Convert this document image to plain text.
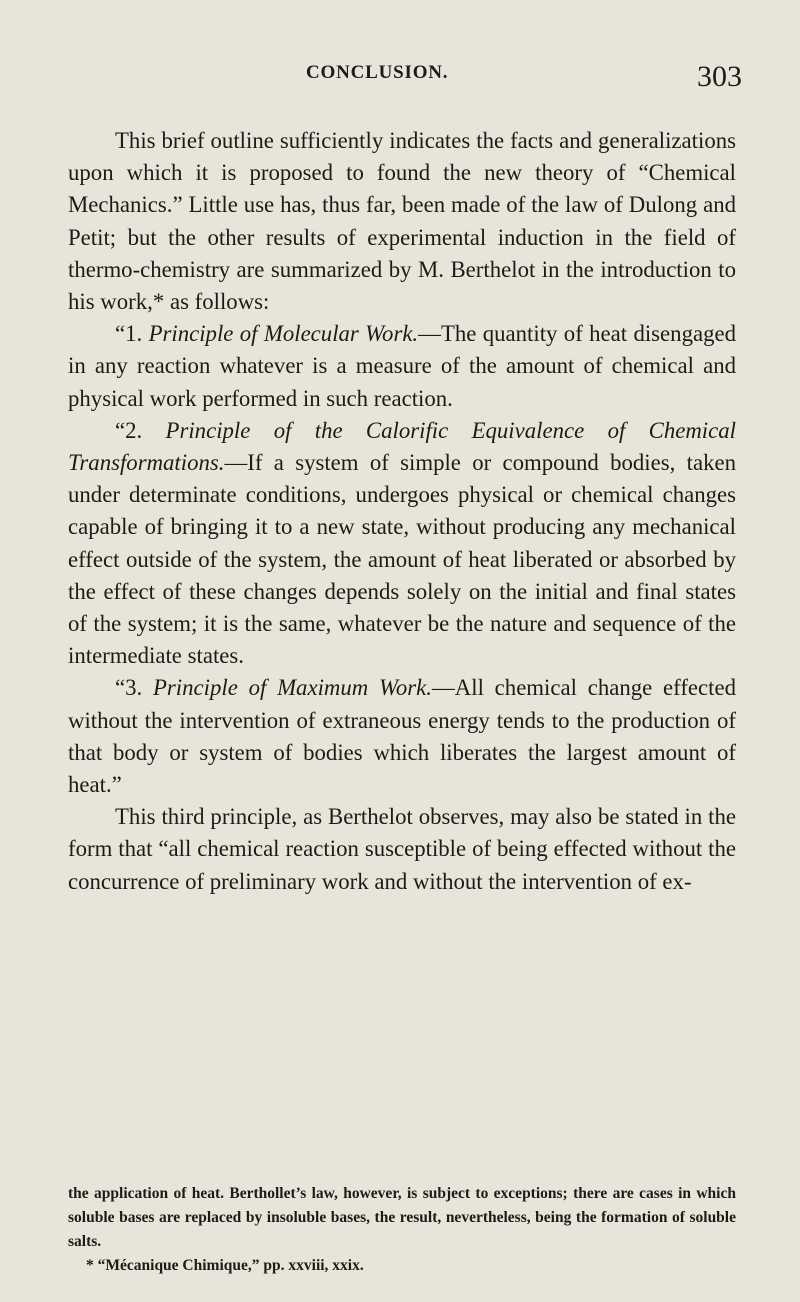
CONCLUSION.	303

This brief outline sufficiently indicates the facts and generalizations upon which it is proposed to found the new theory of “Chemical Mechanics.” Little use has, thus far, been made of the law of Dulong and Petit; but the other results of experimental induction in the field of thermo-chemistry are summarized by M. Berthelot in the introduction to his work,* as follows:

“1. Principle of Molecular Work.—The quantity of heat disengaged in any reaction whatever is a measure of the amount of chemical and physical work performed in such reaction.

“2. Principle of the Calorific Equivalence of Chemical Transformations.—If a system of simple or compound bodies, taken under determinate conditions, undergoes physical or chemical changes capable of bringing it to a new state, without producing any mechanical effect outside of the system, the amount of heat liberated or absorbed by the effect of these changes depends solely on the initial and final states of the system; it is the same, whatever be the nature and sequence of the intermediate states.

“3. Principle of Maximum Work.—All chemical change effected without the intervention of extraneous energy tends to the production of that body or system of bodies which liberates the largest amount of heat.”

This third principle, as Berthelot observes, may also be stated in the form that “all chemical reaction susceptible of being effected without the concurrence of preliminary work and without the intervention of ex-

the application of heat. Berthollet’s law, however, is subject to exceptions; there are cases in which soluble bases are replaced by insoluble bases, the result, nevertheless, being the formation of soluble salts.

* “Mécanique Chimique,” pp. xxviii, xxix.
